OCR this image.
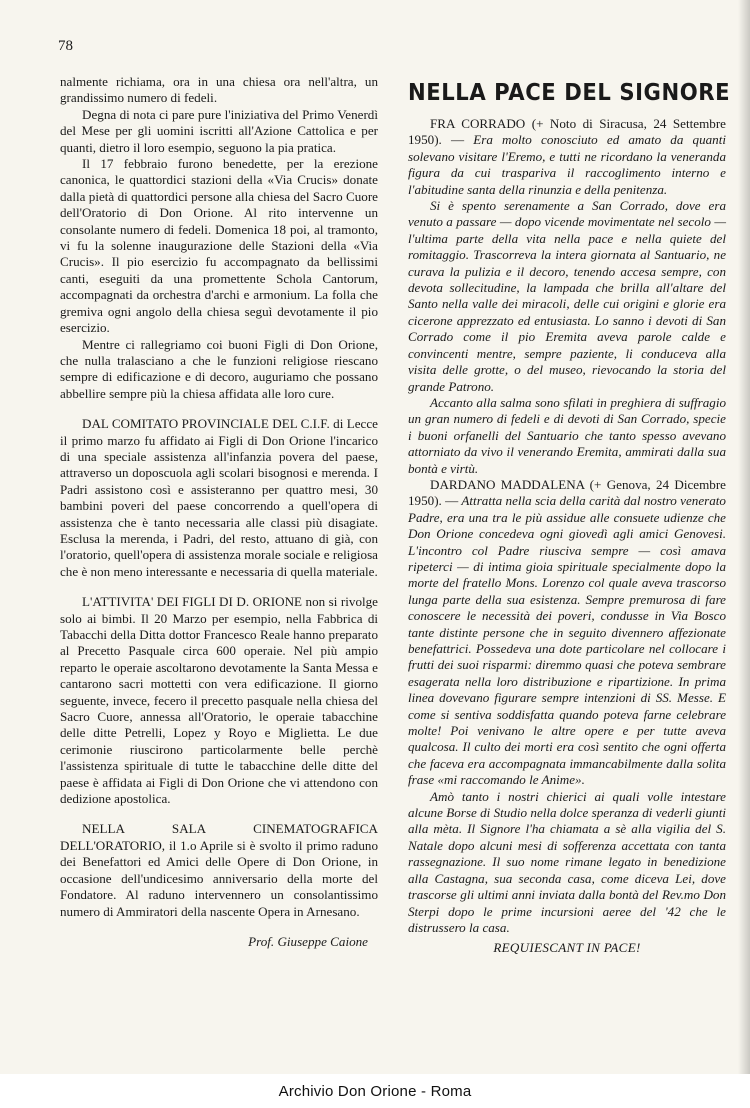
78

nalmente richiama, ora in una chiesa ora nell'altra, un grandissimo numero di fedeli.

Degna di nota ci pare pure l'iniziativa del Primo Venerdì del Mese per gli uomini iscritti all'Azione Cattolica e per quanti, dietro il loro esempio, seguono la pia pratica.

Il 17 febbraio furono benedette, per la erezione canonica, le quattordici stazioni della «Via Crucis» donate dalla pietà di quattordici persone alla chiesa del Sacro Cuore dell'Oratorio di Don Orione. Al rito intervenne un consolante numero di fedeli. Domenica 18 poi, al tramonto, vi fu la solenne inaugurazione delle Stazioni della «Via Crucis». Il pio esercizio fu accompagnato da bellissimi canti, eseguiti da una promettente Schola Cantorum, accompagnati da orchestra d'archi e armonium. La folla che gremiva ogni angolo della chiesa seguì devotamente il pio esercizio.

Mentre ci rallegriamo coi buoni Figli di Don Orione, che nulla tralasciano a che le funzioni religiose riescano sempre di edificazione e di decoro, auguriamo che possano abbellire sempre più la chiesa affidata alle loro cure.

DAL COMITATO PROVINCIALE DEL C.I.F. di Lecce il primo marzo fu affidato ai Figli di Don Orione l'incarico di una speciale assistenza all'infanzia povera del paese, attraverso un doposcuola agli scolari bisognosi e merenda. I Padri assistono così e assisteranno per quattro mesi, 30 bambini poveri del paese concorrendo a quell'opera di assistenza che è tanto necessaria alle classi più disagiate. Esclusa la merenda, i Padri, del resto, attuano di già, con l'oratorio, quell'opera di assistenza morale sociale e religiosa che è non meno interessante e necessaria di quella materiale.

L'ATTIVITA' DEI FIGLI DI D. ORIONE non si rivolge solo ai bimbi. Il 20 Marzo per esempio, nella Fabbrica di Tabacchi della Ditta dottor Francesco Reale hanno preparato al Precetto Pasquale circa 600 operaie. Nel più ampio reparto le operaie ascoltarono devotamente la Santa Messa e cantarono sacri mottetti con vera edificazione. Il giorno seguente, invece, fecero il precetto pasquale nella chiesa del Sacro Cuore, annessa all'Oratorio, le operaie tabacchine delle ditte Petrelli, Lopez y Royo e Miglietta. Le due cerimonie riuscirono particolarmente belle perchè l'assistenza spirituale di tutte le tabacchine delle ditte del paese è affidata ai Figli di Don Orione che vi attendono con dedizione apostolica.

NELLA SALA CINEMATOGRAFICA DELL'ORATORIO, il 1.o Aprile si è svolto il primo raduno dei Benefattori ed Amici delle Opere di Don Orione, in occasione dell'undicesimo anniversario della morte del Fondatore. Al raduno intervennero un consolantissimo numero di Ammiratori della nascente Opera in Arnesano.

Prof. Giuseppe Caione

NELLA PACE DEL SIGNORE

FRA CORRADO (+ Noto di Siracusa, 24 Settembre 1950). — Era molto conosciuto ed amato da quanti solevano visitare l'Eremo, e tutti ne ricordano la veneranda figura da cui traspariva il raccoglimento interno e l'abitudine santa della rinunzia e della penitenza.

Si è spento serenamente a San Corrado, dove era venuto a passare — dopo vicende movimentate nel secolo — l'ultima parte della vita nella pace e nella quiete del romitaggio. Trascorreva la intera giornata al Santuario, ne curava la pulizia e il decoro, tenendo accesa sempre, con devota sollecitudine, la lampada che brilla all'altare del Santo nella valle dei miracoli, delle cui origini e glorie era cicerone apprezzato ed entusiasta. Lo sanno i devoti di San Corrado come il pio Eremita aveva parole calde e convincenti mentre, sempre paziente, li conduceva alla visita delle grotte, o del museo, rievocando la storia del grande Patrono.

Accanto alla salma sono sfilati in preghiera di suffragio un gran numero di fedeli e di devoti di San Corrado, specie i buoni orfanelli del Santuario che tanto spesso avevano attorniato da vivo il venerando Eremita, ammirati dalla sua bontà e virtù.

DARDANO MADDALENA (+ Genova, 24 Dicembre 1950). — Attratta nella scia della carità dal nostro venerato Padre, era una tra le più assidue alle consuete udienze che Don Orione concedeva ogni giovedì agli amici Genovesi. L'incontro col Padre riusciva sempre — così amava ripeterci — di intima gioia spirituale specialmente dopo la morte del fratello Mons. Lorenzo col quale aveva trascorso lunga parte della sua esistenza. Sempre premurosa di fare conoscere le necessità dei poveri, condusse in Via Bosco tante distinte persone che in seguito divennero affezionate benefattrici. Possedeva una dote particolare nel collocare i frutti dei suoi risparmi: diremmo quasi che poteva sembrare esagerata nella loro distribuzione e ripartizione. In prima linea dovevano figurare sempre intenzioni di SS. Messe. E come si sentiva soddisfatta quando poteva farne celebrare molte! Poi venivano le altre opere e per tutte aveva qualcosa. Il culto dei morti era così sentito che ogni offerta che faceva era accompagnata immancabilmente dalla solita frase «mi raccomando le Anime».

Amò tanto i nostri chierici ai quali volle intestare alcune Borse di Studio nella dolce speranza di vederli giunti alla mèta. Il Signore l'ha chiamata a sè alla vigilia del S. Natale dopo alcuni mesi di sofferenza accettata con tanta rassegnazione. Il suo nome rimane legato in benedizione alla Castagna, sua seconda casa, come diceva Lei, dove trascorse gli ultimi anni inviata dalla bontà del Rev.mo Don Sterpi dopo le prime incursioni aeree del '42 che le distrussero la casa.

REQUIESCANT IN PACE!

Archivio Don Orione - Roma
